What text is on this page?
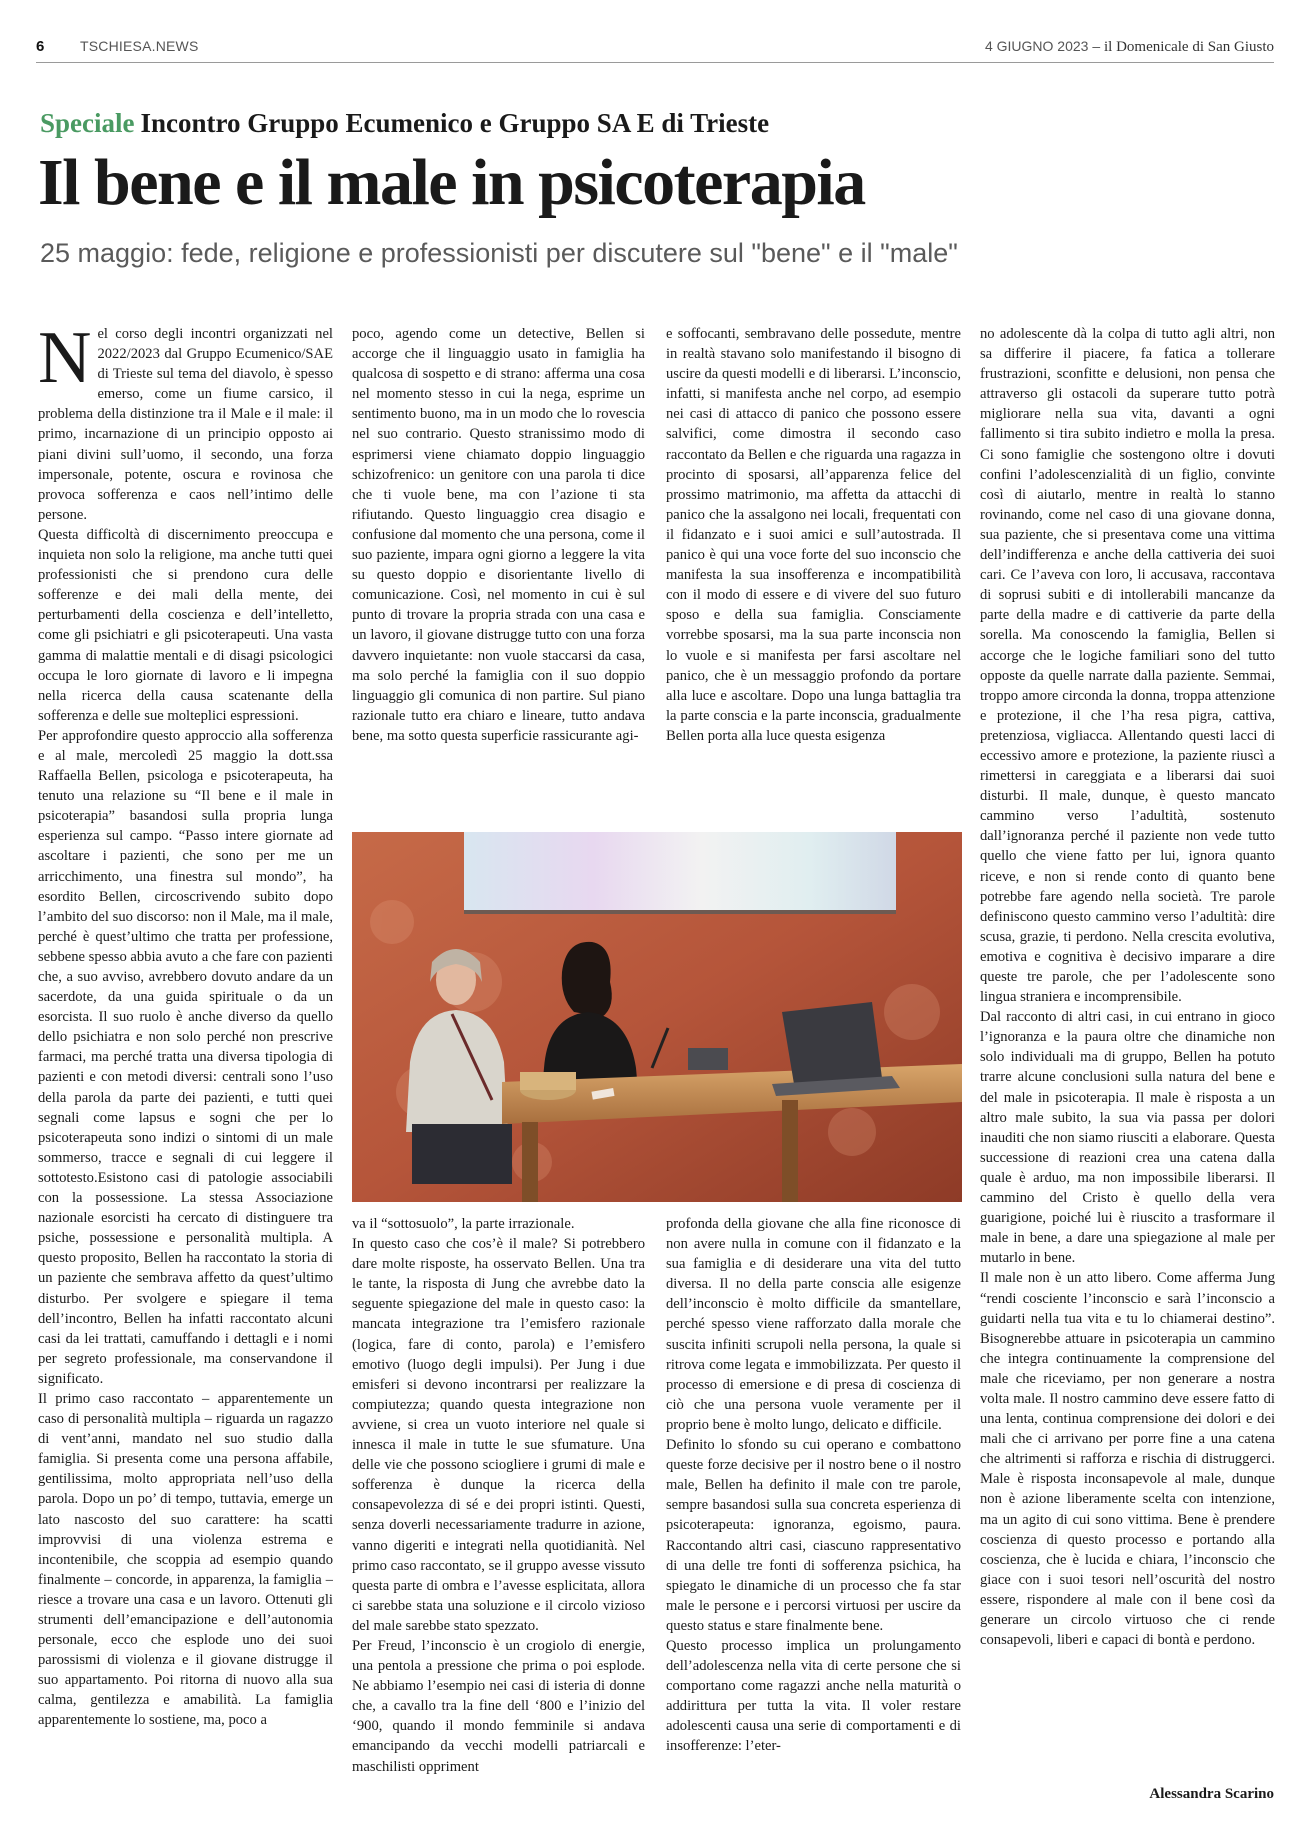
6	TSCHIESA.NEWS	4 GIUGNO 2023 – il Domenicale di San Giusto
Speciale Incontro Gruppo Ecumenico e Gruppo SA E di Trieste
Il bene e il male in psicoterapia
25 maggio: fede, religione e professionisti per discutere sul "bene" e il "male"
N el corso degli incontri organizzati nel 2022/2023 dal Gruppo Ecumenico/SAE di Trieste sul tema del diavolo, è spesso emerso, come un fiume carsico, il problema della distinzione tra il Male e il male: il primo, incarnazione di un principio opposto ai piani divini sull’uomo, il secondo, una forza impersonale, potente, oscura e rovinosa che provoca sofferenza e caos nell’intimo delle persone.

Questa difficoltà di discernimento preoccupa e inquieta non solo la religione, ma anche tutti quei professionisti che si prendono cura delle sofferenze e dei mali della mente, dei perturbamenti della coscienza e dell’intelletto, come gli psichiatri e gli psicoterapeuti. Una vasta gamma di malattie mentali e di disagi psicologici occupa le loro giornate di lavoro e li impegna nella ricerca della causa scatenante della sofferenza e delle sue molteplici espressioni.

Per approfondire questo approccio alla sofferenza e al male, mercoledì 25 maggio la dott.ssa Raffaella Bellen, psicologa e psicoterapeuta, ha tenuto una relazione su “Il bene e il male in psicoterapia” basandosi sulla propria lunga esperienza sul campo. “Passo intere giornate ad ascoltare i pazienti, che sono per me un arricchimento, una finestra sul mondo”, ha esordito Bellen, circoscrivendo subito dopo l’ambito del suo discorso: non il Male, ma il male, perché è quest’ultimo che tratta per professione, sebbene spesso abbia avuto a che fare con pazienti che, a suo avviso, avrebbero dovuto andare da un sacerdote, da una guida spirituale o da un esorcista. Il suo ruolo è anche diverso da quello dello psichiatra e non solo perché non prescrive farmaci, ma perché tratta una diversa tipologia di pazienti e con metodi diversi: centrali sono l’uso della parola da parte dei pazienti, e tutti quei segnali come lapsus e sogni che per lo psicoterapeuta sono indizi o sintomi di un male sommerso, tracce e segnali di cui leggere il sottotesto.Esistono casi di patologie associabili con la possessione. La stessa Associazione nazionale esorcisti ha cercato di distinguere tra psiche, possessione e personalità multipla. A questo proposito, Bellen ha raccontato la storia di un paziente che sembrava affetto da quest’ultimo disturbo. Per svolgere e spiegare il tema dell’incontro, Bellen ha infatti raccontato alcuni casi da lei trattati, camuffando i dettagli e i nomi per segreto professionale, ma conservandone il significato.

Il primo caso raccontato – apparentemente un caso di personalità multipla – riguarda un ragazzo di vent’anni, mandato nel suo studio dalla famiglia. Si presenta come una persona affabile, gentilissima, molto appropriata nell’uso della parola. Dopo un po’ di tempo, tuttavia, emerge un lato nascosto del suo carattere: ha scatti improvvisi di una violenza estrema e incontenibile, che scoppia ad esempio quando finalmente – concorde, in apparenza, la famiglia – riesce a trovare una casa e un lavoro. Ottenuti gli strumenti dell’emancipazione e dell’autonomia personale, ecco che esplode uno dei suoi parossismi di violenza e il giovane distrugge il suo appartamento. Poi ritorna di nuovo alla sua calma, gentilezza e amabilità. La famiglia apparentemente lo sostiene, ma, poco a

poco, agendo come un detective, Bellen si accorge che il linguaggio usato in famiglia ha qualcosa di sospetto e di strano: afferma una cosa nel momento stesso in cui la nega, esprime un sentimento buono, ma in un modo che lo rovescia nel suo contrario. Questo stranissimo modo di esprimersi viene chiamato doppio linguaggio schizofrenico: un genitore con una parola ti dice che ti vuole bene, ma con l’azione ti sta rifiutando. Questo linguaggio crea disagio e confusione dal momento che una persona, come il suo paziente, impara ogni giorno a leggere la vita su questo doppio e disorientante livello di comunicazione. Così, nel momento in cui è sul punto di trovare la propria strada con una casa e un lavoro, il giovane distrugge tutto con una forza davvero inquietante: non vuole staccarsi da casa, ma solo perché la famiglia con il suo doppio linguaggio gli comunica di non partire. Sul piano razionale tutto era chiaro e lineare, tutto andava bene, ma sotto questa superficie rassicurante agi-

e soffocanti, sembravano delle possedute, mentre in realtà stavano solo manifestando il bisogno di uscire da questi modelli e di liberarsi. L’inconscio, infatti, si manifesta anche nel corpo, ad esempio nei casi di attacco di panico che possono essere salvifici, come dimostra il secondo caso raccontato da Bellen e che riguarda una ragazza in procinto di sposarsi, all’apparenza felice del prossimo matrimonio, ma affetta da attacchi di panico che la assalgono nei locali, frequentati con il fidanzato e i suoi amici e sull’autostrada. Il panico è qui una voce forte del suo inconscio che manifesta la sua insofferenza e incompatibilità con il modo di essere e di vivere del suo futuro sposo e della sua famiglia. Consciamente vorrebbe sposarsi, ma la sua parte inconscia non lo vuole e si manifesta per farsi ascoltare nel panico, che è un messaggio profondo da portare alla luce e ascoltare. Dopo una lunga battaglia tra la parte conscia e la parte inconscia, gradualmente Bellen porta alla luce questa esigenza

va il “sottosuolo”, la parte irrazionale.

In questo caso che cos’è il male? Si potrebbero dare molte risposte, ha osservato Bellen. Una tra le tante, la risposta di Jung che avrebbe dato la seguente spiegazione del male in questo caso: la mancata integrazione tra l’emisfero razionale (logica, fare di conto, parola) e l’emisfero emotivo (luogo degli impulsi). Per Jung i due emisferi si devono incontrarsi per realizzare la compiutezza; quando questa integrazione non avviene, si crea un vuoto interiore nel quale si innesca il male in tutte le sue sfumature. Una delle vie che possono sciogliere i grumi di male e sofferenza è dunque la ricerca della consapevolezza di sé e dei propri istinti. Questi, senza doverli necessariamente tradurre in azione, vanno digeriti e integrati nella quotidianità. Nel primo caso raccontato, se il gruppo avesse vissuto questa parte di ombra e l’avesse esplicitata, allora ci sarebbe stata una soluzione e il circolo vizioso del male sarebbe stato spezzato.

Per Freud, l’inconscio è un crogiolo di energie, una pentola a pressione che prima o poi esplode. Ne abbiamo l’esempio nei casi di isteria di donne che, a cavallo tra la fine dell ‘800 e l’inizio del ‘900, quando il mondo femminile si andava emancipando da vecchi modelli patriarcali e maschilisti oppriment

profonda della giovane che alla fine riconosce di non avere nulla in comune con il fidanzato e la sua famiglia e di desiderare una vita del tutto diversa. Il no della parte conscia alle esigenze dell’inconscio è molto difficile da smantellare, perché spesso viene rafforzato dalla morale che suscita infiniti scrupoli nella persona, la quale si ritrova come legata e immobilizzata. Per questo il processo di emersione e di presa di coscienza di ciò che una persona vuole veramente per il proprio bene è molto lungo, delicato e difficile.

Definito lo sfondo su cui operano e combattono queste forze decisive per il nostro bene o il nostro male, Bellen ha definito il male con tre parole, sempre basandosi sulla sua concreta esperienza di psicoterapeuta: ignoranza, egoismo, paura. Raccontando altri casi, ciascuno rappresentativo di una delle tre fonti di sofferenza psichica, ha spiegato le dinamiche di un processo che fa star male le persone e i percorsi virtuosi per uscire da questo status e stare finalmente bene.

Questo processo implica un prolungamento dell’adolescenza nella vita di certe persone che si comportano come ragazzi anche nella maturità o addirittura per tutta la vita. Il voler restare adolescenti causa una serie di comportamenti e di insofferenze: l’eter-

no adolescente dà la colpa di tutto agli altri, non sa differire il piacere, fa fatica a tollerare frustrazioni, sconfitte e delusioni, non pensa che attraverso gli ostacoli da superare tutto potrà migliorare nella sua vita, davanti a ogni fallimento si tira subito indietro e molla la presa. Ci sono famiglie che sostengono oltre i dovuti confini l’adolescenzialità di un figlio, convinte così di aiutarlo, mentre in realtà lo stanno rovinando, come nel caso di una giovane donna, sua paziente, che si presentava come una vittima dell’indifferenza e anche della cattiveria dei suoi cari. Ce l’aveva con loro, li accusava, raccontava di soprusi subiti e di intollerabili mancanze da parte della madre e di cattiverie da parte della sorella. Ma conoscendo la famiglia, Bellen si accorge che le logiche familiari sono del tutto opposte da quelle narrate dalla paziente. Semmai, troppo amore circonda la donna, troppa attenzione e protezione, il che l’ha resa pigra, cattiva, pretenziosa, vigliacca. Allentando questi lacci di eccessivo amore e protezione, la paziente riuscì a rimettersi in careggiata e a liberarsi dai suoi disturbi. Il male, dunque, è questo mancato cammino verso l’adultità, sostenuto dall’ignoranza perché il paziente non vede tutto quello che viene fatto per lui, ignora quanto riceve, e non si rende conto di quanto bene potrebbe fare agendo nella società. Tre parole definiscono questo cammino verso l’adultità: dire scusa, grazie, ti perdono. Nella crescita evolutiva, emotiva e cognitiva è decisivo imparare a dire queste tre parole, che per l’adolescente sono lingua straniera e incomprensibile.

Dal racconto di altri casi, in cui entrano in gioco l’ignoranza e la paura oltre che dinamiche non solo individuali ma di gruppo, Bellen ha potuto trarre alcune conclusioni sulla natura del bene e del male in psicoterapia. Il male è risposta a un altro male subito, la sua via passa per dolori inauditi che non siamo riusciti a elaborare. Questa successione di reazioni crea una catena dalla quale è arduo, ma non impossibile liberarsi. Il cammino del Cristo è quello della vera guarigione, poiché lui è riuscito a trasformare il male in bene, a dare una spiegazione al male per mutarlo in bene.

Il male non è un atto libero. Come afferma Jung “rendi cosciente l’inconscio e sarà l’inconscio a guidarti nella tua vita e tu lo chiamerai destino”. Bisognerebbe attuare in psicoterapia un cammino che integra continuamente la comprensione del male che riceviamo, per non generare a nostra volta male. Il nostro cammino deve essere fatto di una lenta, continua comprensione dei dolori e dei mali che ci arrivano per porre fine a una catena che altrimenti si rafforza e rischia di distruggerci. Male è risposta inconsapevole al male, dunque non è azione liberamente scelta con intenzione, ma un agito di cui sono vittima. Bene è prendere coscienza di questo processo e portando alla coscienza, che è lucida e chiara, l’inconscio che giace con i suoi tesori nell’oscurità del nostro essere, rispondere al male con il bene così da generare un circolo virtuoso che ci rende consapevoli, liberi e capaci di bontà e perdono.

Alessandra Scarino
